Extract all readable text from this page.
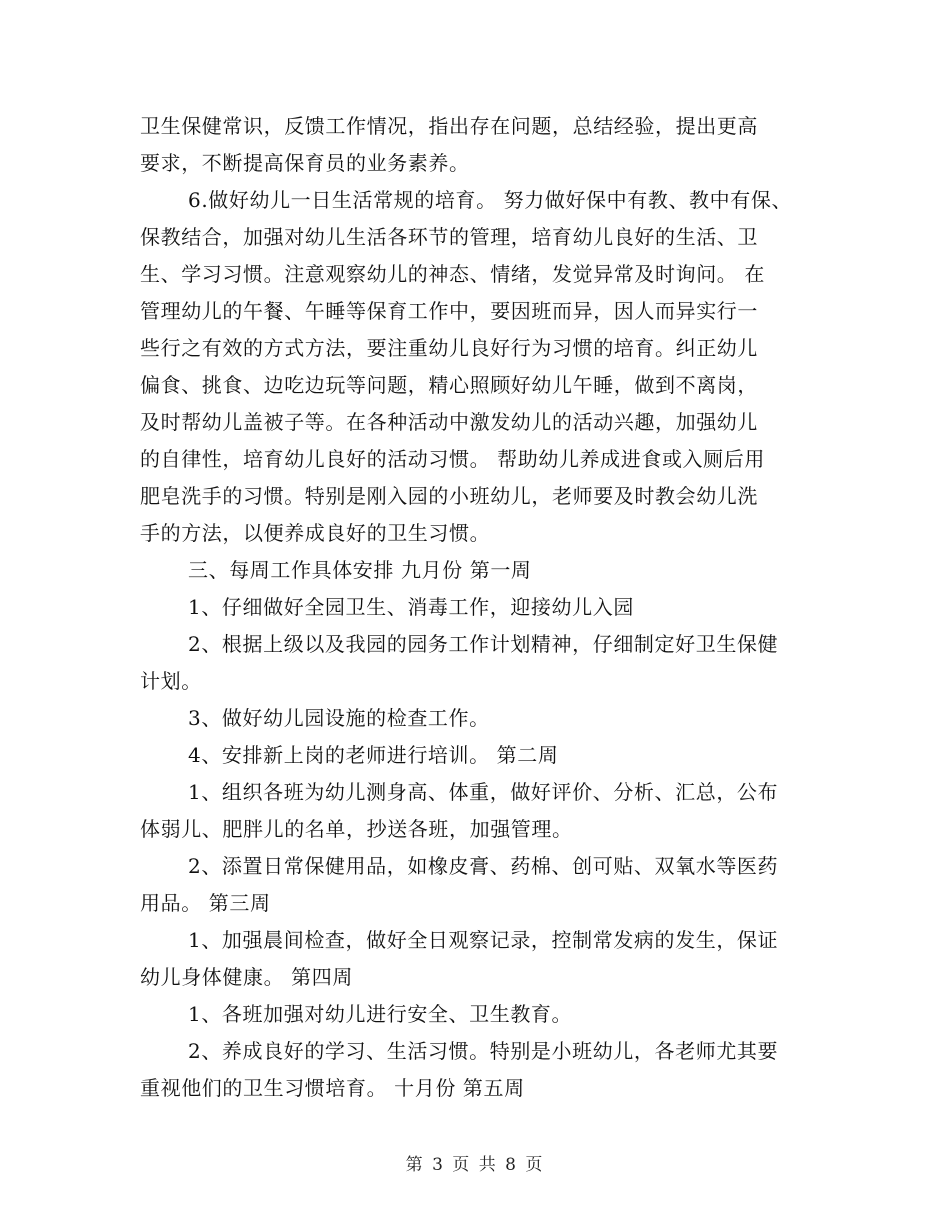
卫生保健常识，反馈工作情况，指出存在问题，总结经验，提出更高
要求，不断提高保育员的业务素养。
6.做好幼儿一日生活常规的培育。 努力做好保中有教、教中有保、
保教结合，加强对幼儿生活各环节的管理，培育幼儿良好的生活、卫
生、学习习惯。注意观察幼儿的神态、情绪，发觉异常及时询问。 在
管理幼儿的午餐、午睡等保育工作中，要因班而异，因人而异实行一
些行之有效的方式方法，要注重幼儿良好行为习惯的培育。纠正幼儿
偏食、挑食、边吃边玩等问题，精心照顾好幼儿午睡，做到不离岗，
及时帮幼儿盖被子等。在各种活动中激发幼儿的活动兴趣，加强幼儿
的自律性，培育幼儿良好的活动习惯。 帮助幼儿养成进食或入厕后用
肥皂洗手的习惯。特别是刚入园的小班幼儿，老师要及时教会幼儿洗
手的方法，以便养成良好的卫生习惯。
三、每周工作具体安排 九月份 第一周
1、仔细做好全园卫生、消毒工作，迎接幼儿入园
2、根据上级以及我园的园务工作计划精神，仔细制定好卫生保健
计划。
3、做好幼儿园设施的检查工作。
4、安排新上岗的老师进行培训。 第二周
1、组织各班为幼儿测身高、体重，做好评价、分析、汇总，公布
体弱儿、肥胖儿的名单，抄送各班，加强管理。
2、添置日常保健用品，如橡皮膏、药棉、创可贴、双氧水等医药
用品。 第三周
1、加强晨间检查，做好全日观察记录，控制常发病的发生，保证
幼儿身体健康。 第四周
1、各班加强对幼儿进行安全、卫生教育。
2、养成良好的学习、生活习惯。特别是小班幼儿，各老师尤其要
重视他们的卫生习惯培育。 十月份 第五周
第 3 页 共 8 页
